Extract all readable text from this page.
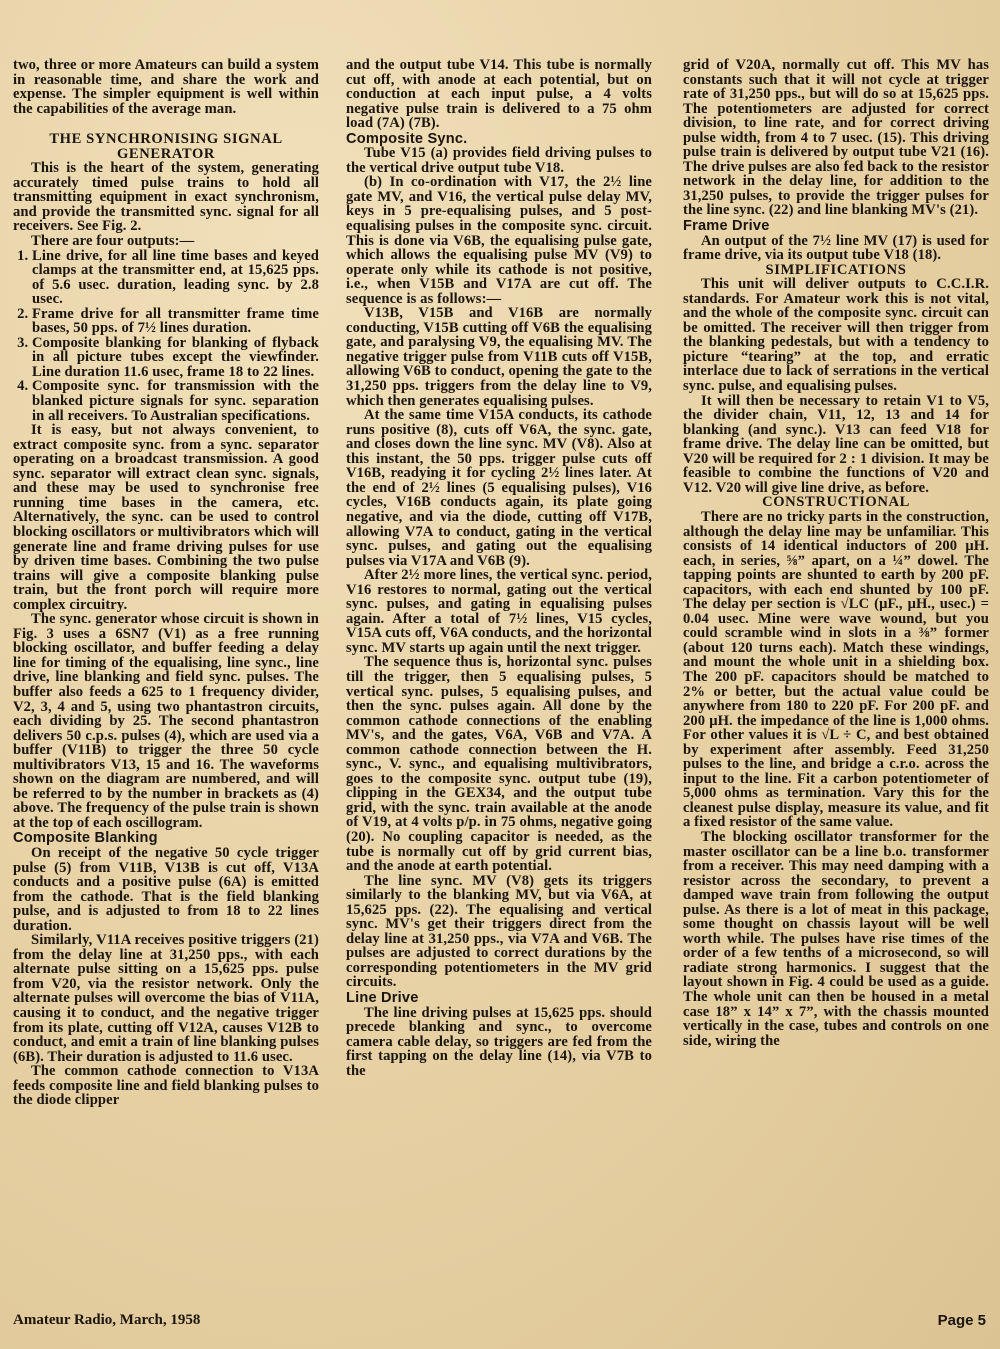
two, three or more Amateurs can build a system in reasonable time, and share the work and expense. The simpler equipment is well within the capabilities of the average man.

THE SYNCHRONISING SIGNAL GENERATOR

This is the heart of the system, generating accurately timed pulse trains to hold all transmitting equipment in exact synchronism, and provide the transmitted sync. signal for all receivers. See Fig. 2.

There are four outputs:—

1. Line drive, for all line time bases and keyed clamps at the transmitter end, at 15,625 pps. of 5.6 usec. duration, leading sync. by 2.8 usec.
2. Frame drive for all transmitter frame time bases, 50 pps. of 7½ lines duration.
3. Composite blanking for blanking of flyback in all picture tubes except the viewfinder. Line duration 11.6 usec, frame 18 to 22 lines.
4. Composite sync. for transmission with the blanked picture signals for sync. separation in all receivers. To Australian specifications.

It is easy, but not always convenient, to extract composite sync. from a sync. separator operating on a broadcast transmission. A good sync. separator will extract clean sync. signals, and these may be used to synchronise free running time bases in the camera, etc. Alternatively, the sync. can be used to control blocking oscillators or multivibrators which will generate line and frame driving pulses for use by driven time bases. Combining the two pulse trains will give a composite blanking pulse train, but the front porch will require more complex circuitry.

The sync. generator whose circuit is shown in Fig. 3 uses a 6SN7 (V1) as a free running blocking oscillator, and buffer feeding a delay line for timing of the equalising, line sync., line drive, line blanking and field sync. pulses. The buffer also feeds a 625 to 1 frequency divider, V2, 3, 4 and 5, using two phantastron circuits, each dividing by 25. The second phantastron delivers 50 c.p.s. pulses (4), which are used via a buffer (V11B) to trigger the three 50 cycle multivibrators V13, 15 and 16. The waveforms shown on the diagram are numbered, and will be referred to by the number in brackets as (4) above. The frequency of the pulse train is shown at the top of each oscillogram.

Composite Blanking

On receipt of the negative 50 cycle trigger pulse (5) from V11B, V13B is cut off, V13A conducts and a positive pulse (6A) is emitted from the cathode. That is the field blanking pulse, and is adjusted to from 18 to 22 lines duration.

Similarly, V11A receives positive triggers (21) from the delay line at 31,250 pps., with each alternate pulse sitting on a 15,625 pps. pulse from V20, via the resistor network. Only the alternate pulses will overcome the bias of V11A, causing it to conduct, and the negative trigger from its plate, cutting off V12A, causes V12B to conduct, and emit a train of line blanking pulses (6B). Their duration is adjusted to 11.6 usec.

The common cathode connection to V13A feeds composite line and field blanking pulses to the diode clipper

and the output tube V14. This tube is normally cut off, with anode at each potential, but on conduction at each input pulse, a 4 volts negative pulse train is delivered to a 75 ohm load (7A) (7B).

Composite Sync.

Tube V15 (a) provides field driving pulses to the vertical drive output tube V18.

(b) In co-ordination with V17, the 2½ line gate MV, and V16, the vertical pulse delay MV, keys in 5 pre-equalising pulses, and 5 post-equalising pulses in the composite sync. circuit. This is done via V6B, the equalising pulse gate, which allows the equalising pulse MV (V9) to operate only while its cathode is not positive, i.e., when V15B and V17A are cut off. The sequence is as follows:—

V13B, V15B and V16B are normally conducting, V15B cutting off V6B the equalising gate, and paralysing V9, the equalising MV. The negative trigger pulse from V11B cuts off V15B, allowing V6B to conduct, opening the gate to the 31,250 pps. triggers from the delay line to V9, which then generates equalising pulses.

At the same time V15A conducts, its cathode runs positive (8), cuts off V6A, the sync. gate, and closes down the line sync. MV (V8). Also at this instant, the 50 pps. trigger pulse cuts off V16B, readying it for cycling 2½ lines later. At the end of 2½ lines (5 equalising pulses), V16 cycles, V16B conducts again, its plate going negative, and via the diode, cutting off V17B, allowing V7A to conduct, gating in the vertical sync. pulses, and gating out the equalising pulses via V17A and V6B (9).

After 2½ more lines, the vertical sync. period, V16 restores to normal, gating out the vertical sync. pulses, and gating in equalising pulses again. After a total of 7½ lines, V15 cycles, V15A cuts off, V6A conducts, and the horizontal sync. MV starts up again until the next trigger.

The sequence thus is, horizontal sync. pulses till the trigger, then 5 equalising pulses, 5 vertical sync. pulses, 5 equalising pulses, and then the sync. pulses again. All done by the common cathode connections of the enabling MV's, and the gates, V6A, V6B and V7A. A common cathode connection between the H. sync., V. sync., and equalising multivibrators, goes to the composite sync. output tube (19), clipping in the GEX34, and the output tube grid, with the sync. train available at the anode of V19, at 4 volts p/p. in 75 ohms, negative going (20). No coupling capacitor is needed, as the tube is normally cut off by grid current bias, and the anode at earth potential.

The line sync. MV (V8) gets its triggers similarly to the blanking MV, but via V6A, at 15,625 pps. (22). The equalising and vertical sync. MV's get their triggers direct from the delay line at 31,250 pps., via V7A and V6B. The pulses are adjusted to correct durations by the corresponding potentiometers in the MV grid circuits.

Line Drive

The line driving pulses at 15,625 pps. should precede blanking and sync., to overcome camera cable delay, so triggers are fed from the first tapping on the delay line (14), via V7B to the

grid of V20A, normally cut off. This MV has constants such that it will not cycle at trigger rate of 31,250 pps., but will do so at 15,625 pps. The potentiometers are adjusted for correct division, to line rate, and for correct driving pulse width, from 4 to 7 usec. (15). This driving pulse train is delivered by output tube V21 (16). The drive pulses are also fed back to the resistor network in the delay line, for addition to the 31,250 pulses, to provide the trigger pulses for the line sync. (22) and line blanking MV's (21).

Frame Drive

An output of the 7½ line MV (17) is used for frame drive, via its output tube V18 (18).

SIMPLIFICATIONS

This unit will deliver outputs to C.C.I.R. standards. For Amateur work this is not vital, and the whole of the composite sync. circuit can be omitted. The receiver will then trigger from the blanking pedestals, but with a tendency to picture “tearing” at the top, and erratic interlace due to lack of serrations in the vertical sync. pulse, and equalising pulses.

It will then be necessary to retain V1 to V5, the divider chain, V11, 12, 13 and 14 for blanking (and sync.). V13 can feed V18 for frame drive. The delay line can be omitted, but V20 will be required for 2 : 1 division. It may be feasible to combine the functions of V20 and V12. V20 will give line drive, as before.

CONSTRUCTIONAL

There are no tricky parts in the construction, although the delay line may be unfamiliar. This consists of 14 identical inductors of 200 μH. each, in series, ⅝” apart, on a ¼” dowel. The tapping points are shunted to earth by 200 pF. capacitors, with each end shunted by 100 pF. The delay per section is √LC (μF., μH., usec.) = 0.04 usec. Mine were wave wound, but you could scramble wind in slots in a ⅜” former (about 120 turns each). Match these windings, and mount the whole unit in a shielding box. The 200 pF. capacitors should be matched to 2% or better, but the actual value could be anywhere from 180 to 220 pF. For 200 pF. and 200 μH. the impedance of the line is 1,000 ohms. For other values it is √L ÷ C, and best obtained by experiment after assembly. Feed 31,250 pulses to the line, and bridge a c.r.o. across the input to the line. Fit a carbon potentiometer of 5,000 ohms as termination. Vary this for the cleanest pulse display, measure its value, and fit a fixed resistor of the same value.

The blocking oscillator transformer for the master oscillator can be a line b.o. transformer from a receiver. This may need damping with a resistor across the secondary, to prevent a damped wave train from following the output pulse. As there is a lot of meat in this package, some thought on chassis layout will be well worth while. The pulses have rise times of the order of a few tenths of a microsecond, so will radiate strong harmonics. I suggest that the layout shown in Fig. 4 could be used as a guide. The whole unit can then be housed in a metal case 18” x 14” x 7”, with the chassis mounted vertically in the case, tubes and controls on one side, wiring the

Amateur Radio, March, 1958	Page 5
